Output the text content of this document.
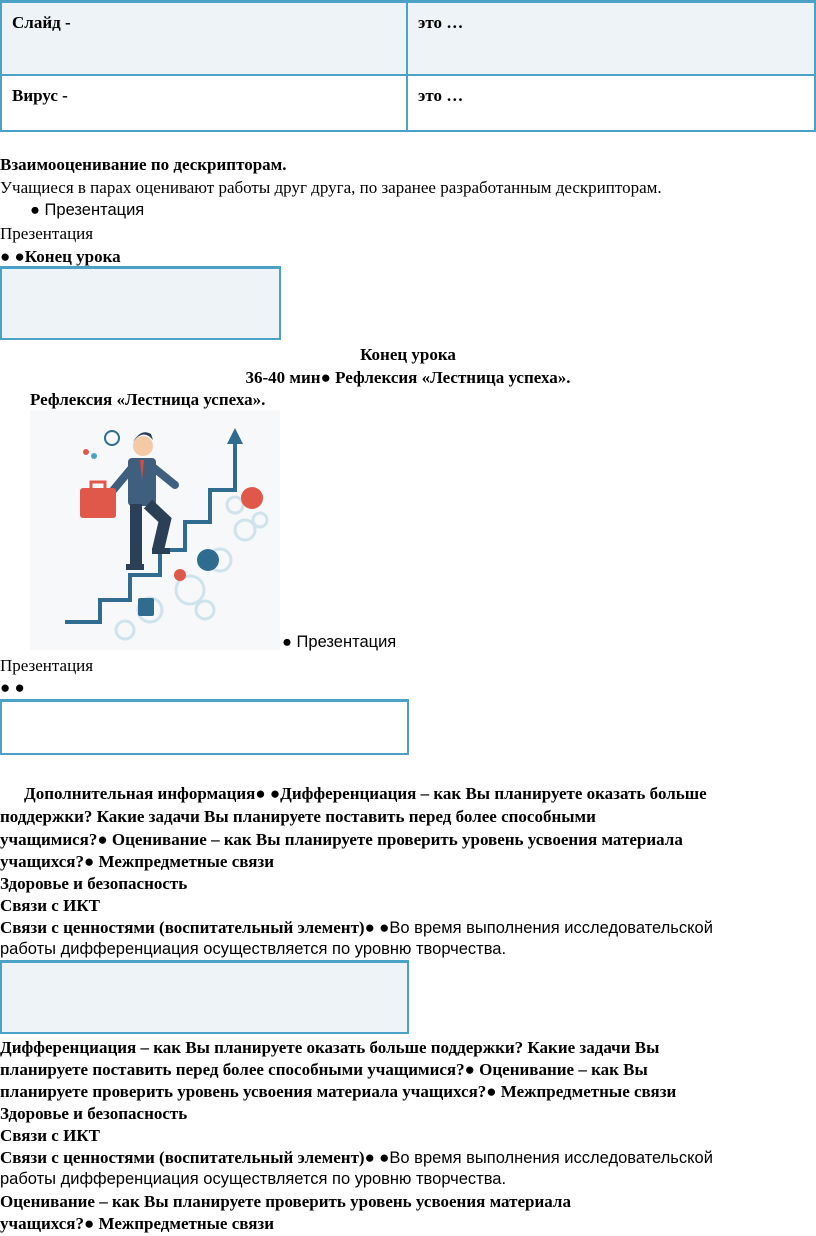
Слайд -	это …
Вирус -	это …
Взаимооценивание по дескрипторам.
Учащиеся в парах оценивают работы друг друга, по заранее разработанным дескрипторам.
● Презентация
Презентация
● ●Конец урока
Конец урока
36-40 мин● Рефлексия «Лестница успеха».
Рефлексия «Лестница успеха».
● Презентация
Презентация
● ●
Дополнительная информация● ●Дифференциация – как Вы планируете оказать больше
поддержки? Какие задачи Вы планируете поставить перед более способными
учащимися?● Оценивание – как Вы планируете проверить уровень усвоения материала
учащихся?● Межпредметные связи
Здоровье и безопасность
Связи с ИКТ
Связи с ценностями (воспитательный элемент)● ●Во время выполнения исследовательской
работы дифференциация осуществляется по уровню творчества.
Дифференциация – как Вы планируете оказать больше поддержки? Какие задачи Вы
планируете поставить перед более способными учащимися?● Оценивание – как Вы
планируете проверить уровень усвоения материала учащихся?● Межпредметные связи
Здоровье и безопасность
Связи с ИКТ
Связи с ценностями (воспитательный элемент)● ●Во время выполнения исследовательской
работы дифференциация осуществляется по уровню творчества.
Оценивание – как Вы планируете проверить уровень усвоения материала
учащихся?● Межпредметные связи
